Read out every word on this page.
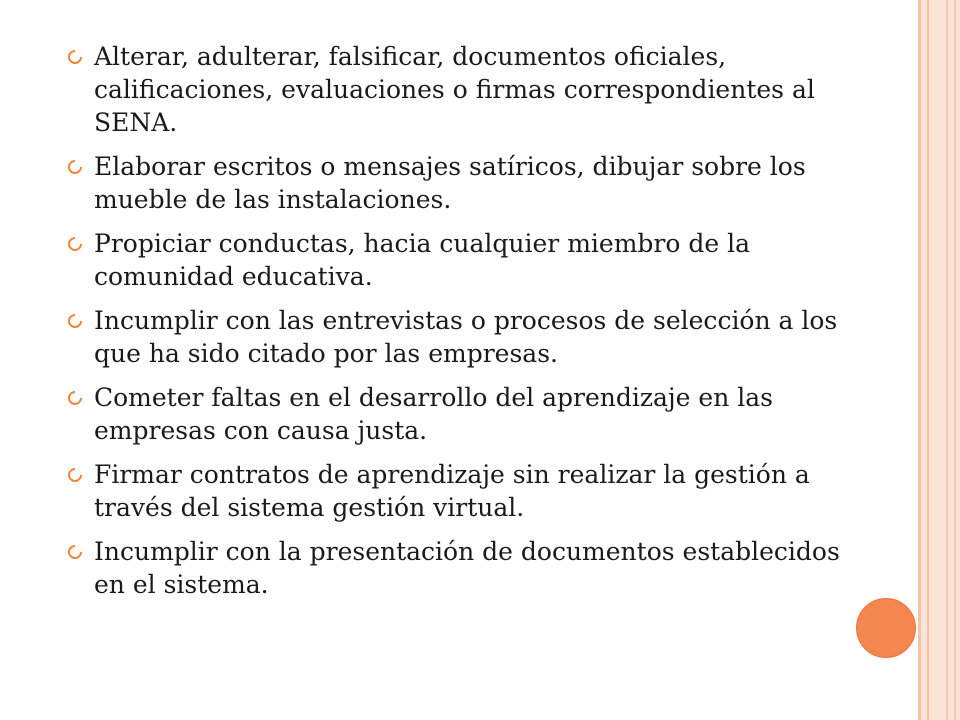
Alterar, adulterar, falsificar, documentos oficiales, calificaciones, evaluaciones o firmas correspondientes al SENA.
Elaborar escritos o mensajes satíricos, dibujar sobre los mueble de las instalaciones.
Propiciar conductas, hacia cualquier miembro de la comunidad educativa.
Incumplir con las entrevistas o procesos de selección a los que ha sido citado por las empresas.
Cometer faltas en el desarrollo del aprendizaje en las empresas con causa justa.
Firmar contratos de aprendizaje sin realizar la gestión a través del sistema gestión virtual.
Incumplir con la presentación de documentos establecidos en el sistema.
